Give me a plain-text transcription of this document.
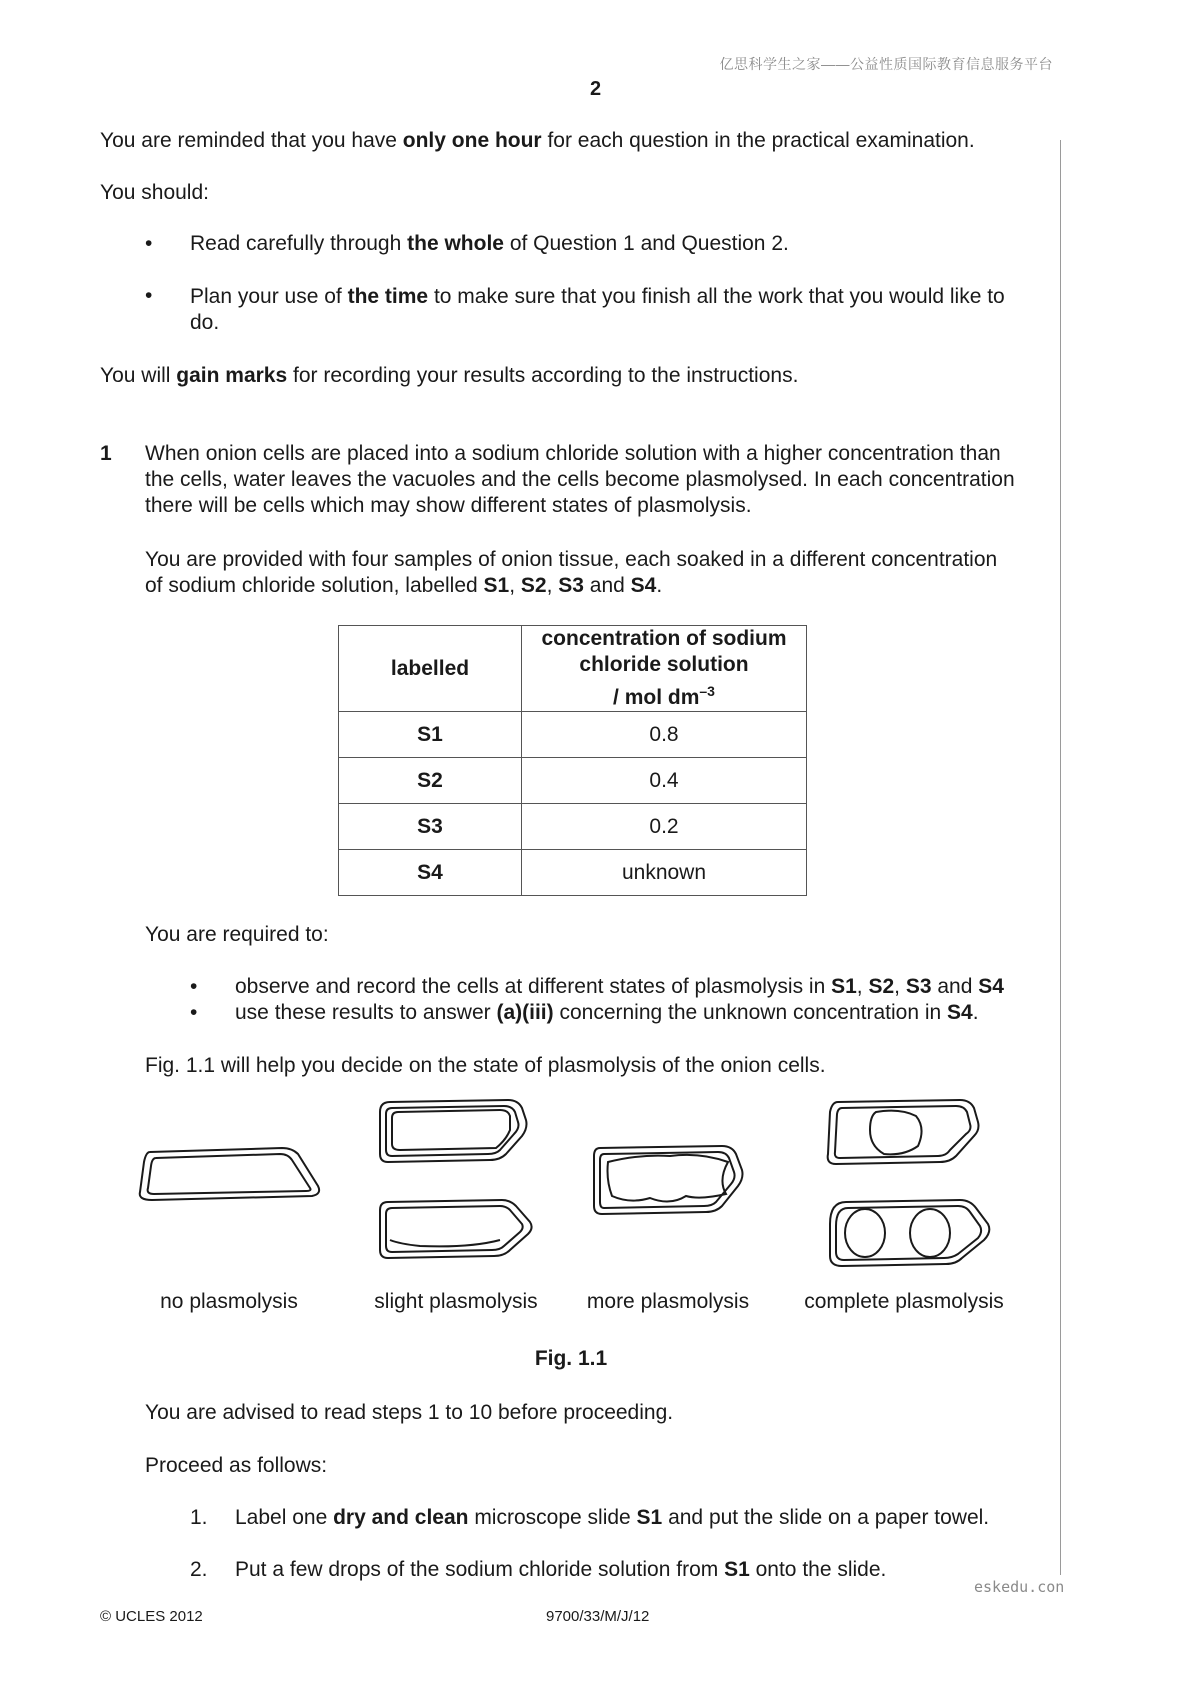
亿思科学生之家——公益性质国际教育信息服务平台
2
You are reminded that you have only one hour for each question in the practical examination.
You should:
•	Read carefully through the whole of Question 1 and Question 2.
•	Plan your use of the time to make sure that you finish all the work that you would like to
do.
You will gain marks for recording your results according to the instructions.
1 When onion cells are placed into a sodium chloride solution with a higher concentration than
the cells, water leaves the vacuoles and the cells become plasmolysed. In each concentration
there will be cells which may show different states of plasmolysis.
You are provided with four samples of onion tissue, each soaked in a different concentration
of sodium chloride solution, labelled S1, S2, S3 and S4.
labelled	concentration of sodium
chloride solution
/ mol $dm^{-3}$
S1	0.8
S2	0.4
S3	0.2
S4	unknown
You are required to:
•	observe and record the cells at different states of plasmolysis in S1, S2, S3 and S4
•	use these results to answer (a)(iii) concerning the unknown concentration in S4.
Fig. 1.1 will help you decide on the state of plasmolysis of the onion cells.
no plasmolysis	slight plasmolysis	more plasmolysis	complete plasmolysis
Fig. 1.1
You are advised to read steps 1 to 10 before proceeding.
Proceed as follows:
1.	Label one dry and clean microscope slide S1 and put the slide on a paper towel.
2.	Put a few drops of the sodium chloride solution from S1 onto the slide.
eskedu.con
© UCLES 2012	9700/33/M/J/12
